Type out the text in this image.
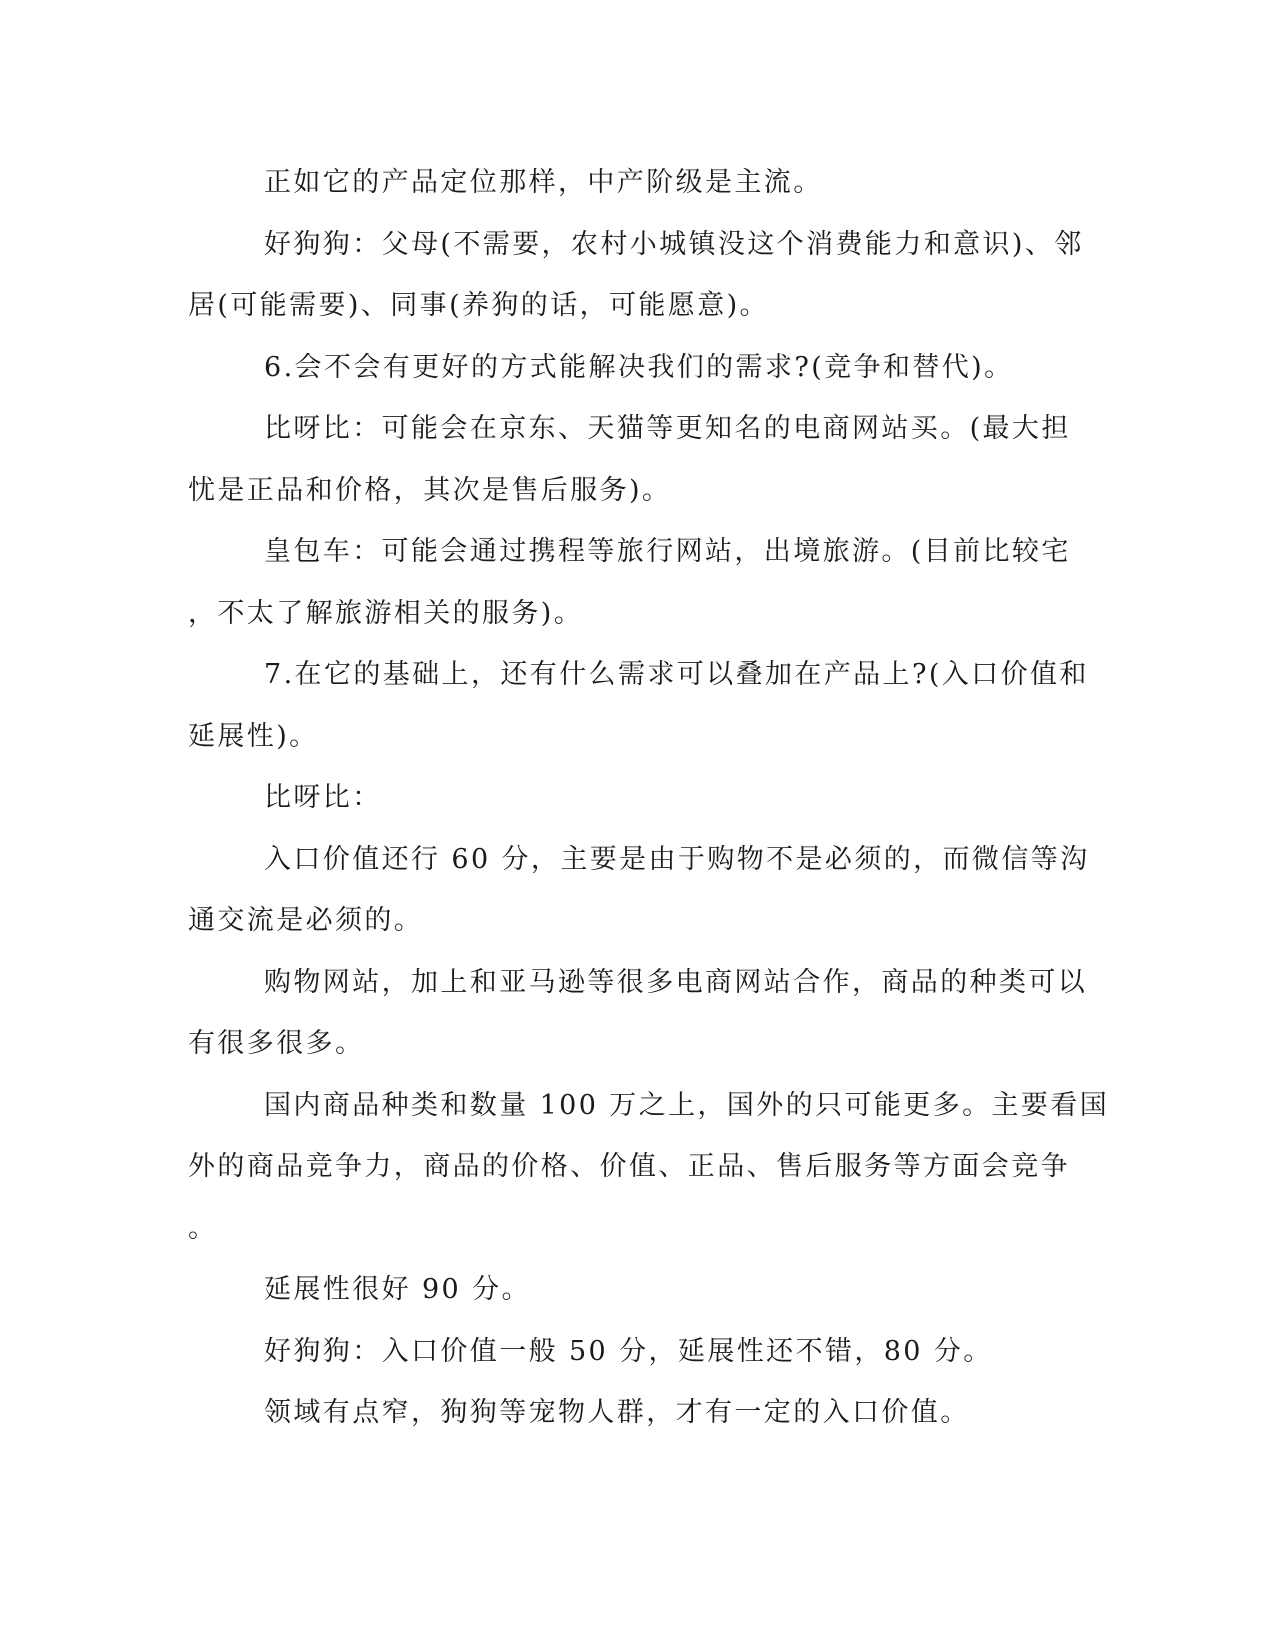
正如它的产品定位那样，中产阶级是主流。
好狗狗：父母(不需要，农村小城镇没这个消费能力和意识)、邻
居(可能需要)、同事(养狗的话，可能愿意)。
6.会不会有更好的方式能解决我们的需求?(竞争和替代)。
比呀比：可能会在京东、天猫等更知名的电商网站买。(最大担
忧是正品和价格，其次是售后服务)。
皇包车：可能会通过携程等旅行网站，出境旅游。(目前比较宅
，不太了解旅游相关的服务)。
7.在它的基础上，还有什么需求可以叠加在产品上?(入口价值和
延展性)。
比呀比：
入口价值还行 60 分，主要是由于购物不是必须的，而微信等沟
通交流是必须的。
购物网站，加上和亚马逊等很多电商网站合作，商品的种类可以
有很多很多。
国内商品种类和数量 100 万之上，国外的只可能更多。主要看国
外的商品竞争力，商品的价格、价值、正品、售后服务等方面会竞争
。
延展性很好 90 分。
好狗狗：入口价值一般 50 分，延展性还不错，80 分。
领域有点窄，狗狗等宠物人群，才有一定的入口价值。
